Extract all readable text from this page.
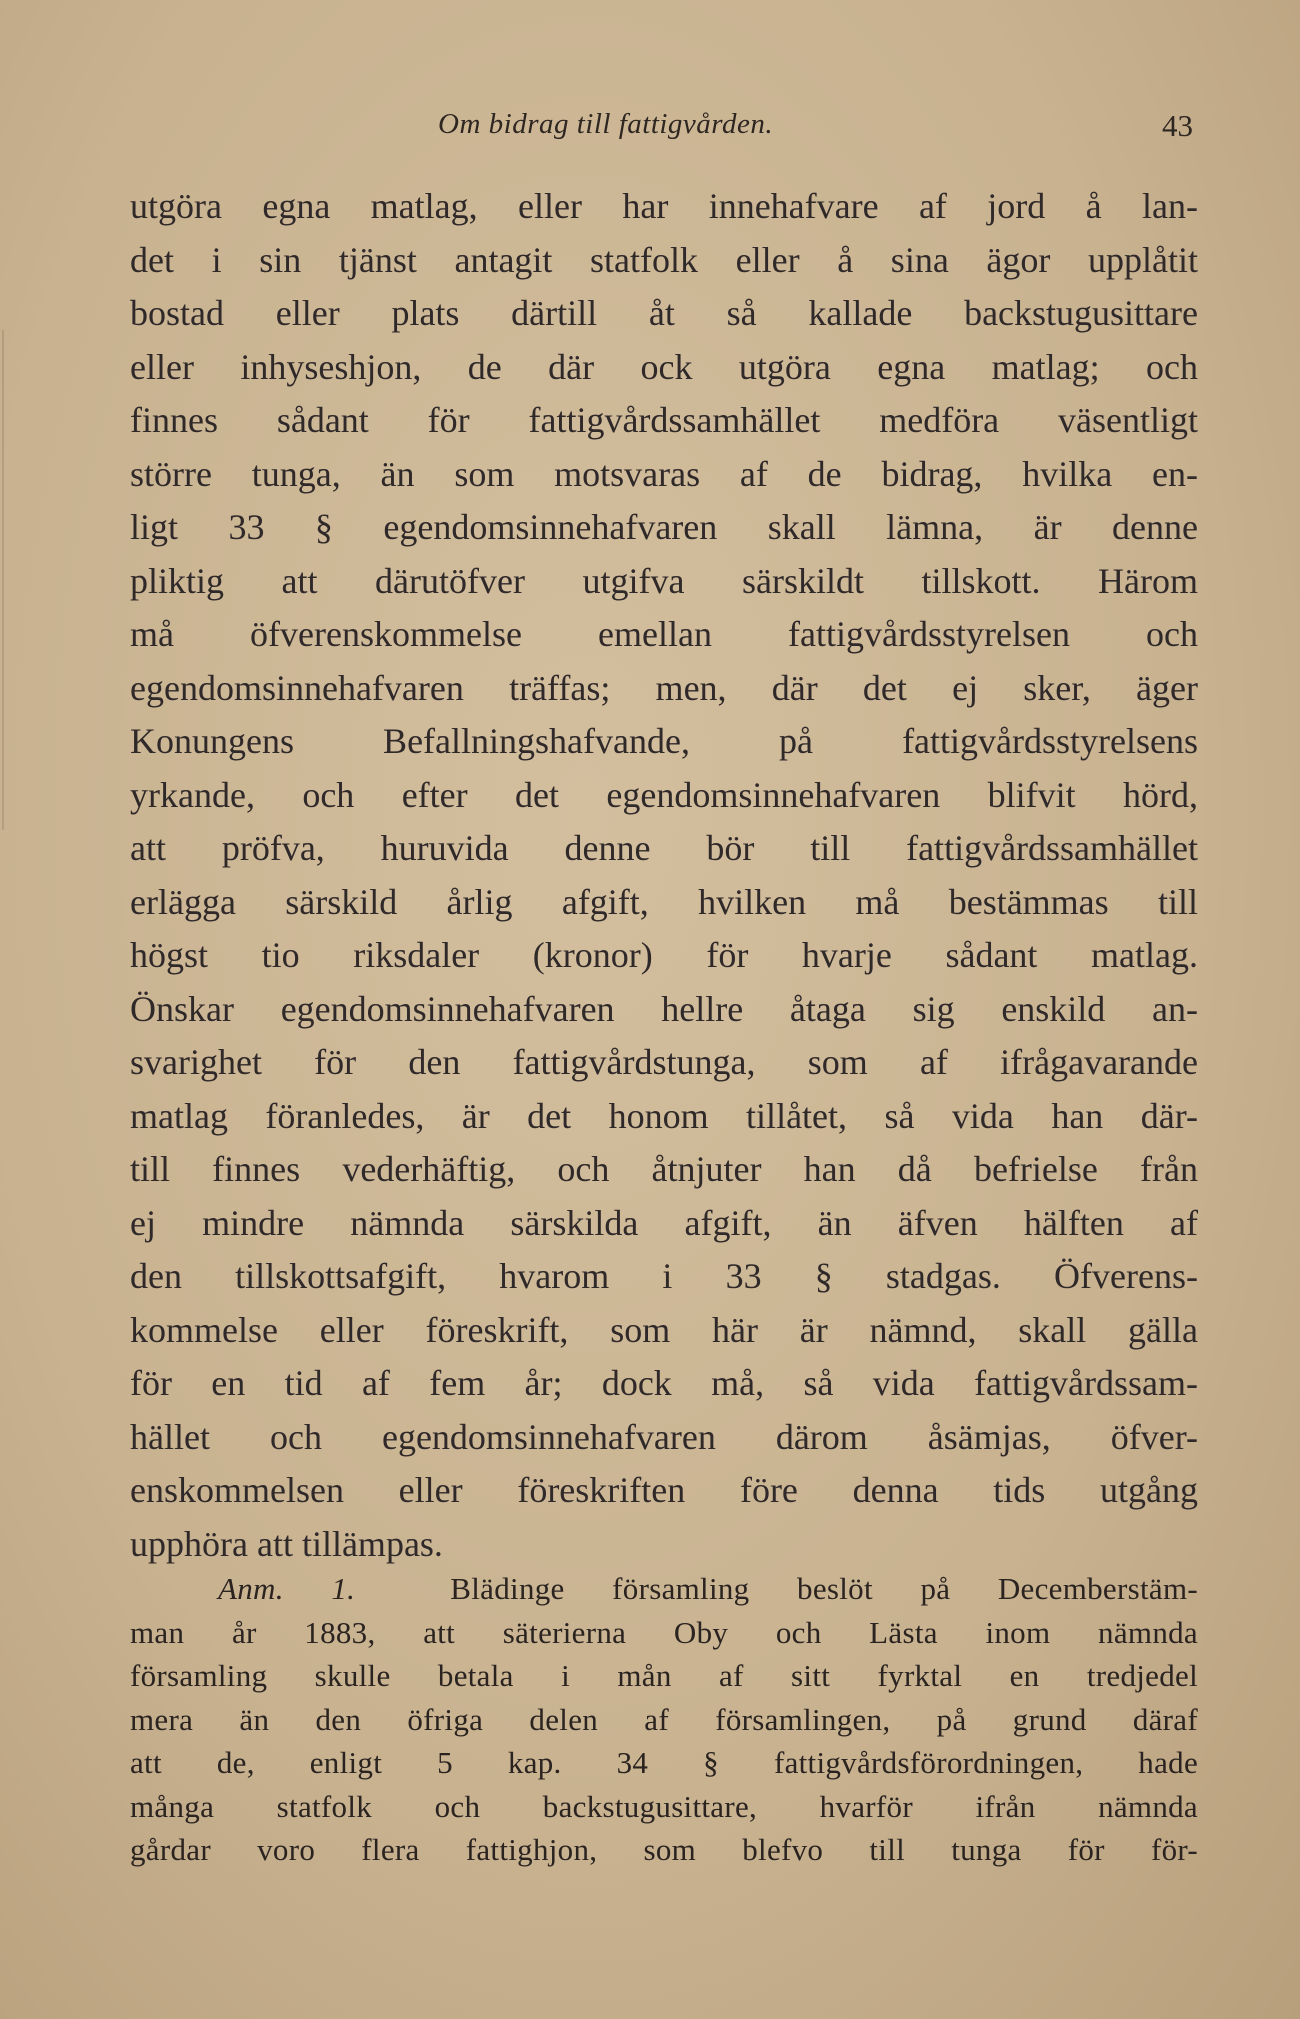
Om bidrag till fattigvården.	43
utgöra egna matlag, eller har innehafvare af jord å lan-
det i sin tjänst antagit statfolk eller å sina ägor upplåtit
bostad eller plats därtill åt så kallade backstugusittare
eller inhyseshjon, de där ock utgöra egna matlag; och
finnes sådant för fattigvårdssamhället medföra väsentligt
större tunga, än som motsvaras af de bidrag, hvilka en-
ligt 33 § egendomsinnehafvaren skall lämna, är denne
pliktig att därutöfver utgifva särskildt tillskott. Härom
må öfverenskommelse emellan fattigvårdsstyrelsen och
egendomsinnehafvaren träffas; men, där det ej sker, äger
Konungens Befallningshafvande, på fattigvårdsstyrelsens
yrkande, och efter det egendomsinnehafvaren blifvit hörd,
att pröfva, huruvida denne bör till fattigvårdssamhället
erlägga särskild årlig afgift, hvilken må bestämmas till
högst tio riksdaler (kronor) för hvarje sådant matlag.
Önskar egendomsinnehafvaren hellre åtaga sig enskild an-
svarighet för den fattigvårdstunga, som af ifrågavarande
matlag föranledes, är det honom tillåtet, så vida han där-
till finnes vederhäftig, och åtnjuter han då befrielse från
ej mindre nämnda särskilda afgift, än äfven hälften af
den tillskottsafgift, hvarom i 33 § stadgas. Öfverens-
kommelse eller föreskrift, som här är nämnd, skall gälla
för en tid af fem år; dock må, så vida fattigvårdssam-
hället och egendomsinnehafvaren därom åsämjas, öfver-
enskommelsen eller föreskriften före denna tids utgång
upphöra att tillämpas.
Anm. 1.	Blädinge församling beslöt på Decemberstäm-
man år 1883, att säterierna Oby och Lästa inom nämnda
församling skulle betala i mån af sitt fyrktal en tredjedel
mera än den öfriga delen af församlingen, på grund däraf
att de, enligt 5 kap. 34 § fattigvårdsförordningen, hade
många statfolk och backstugusittare, hvarför ifrån nämnda
gårdar voro flera fattighjon, som blefvo till tunga för för-
